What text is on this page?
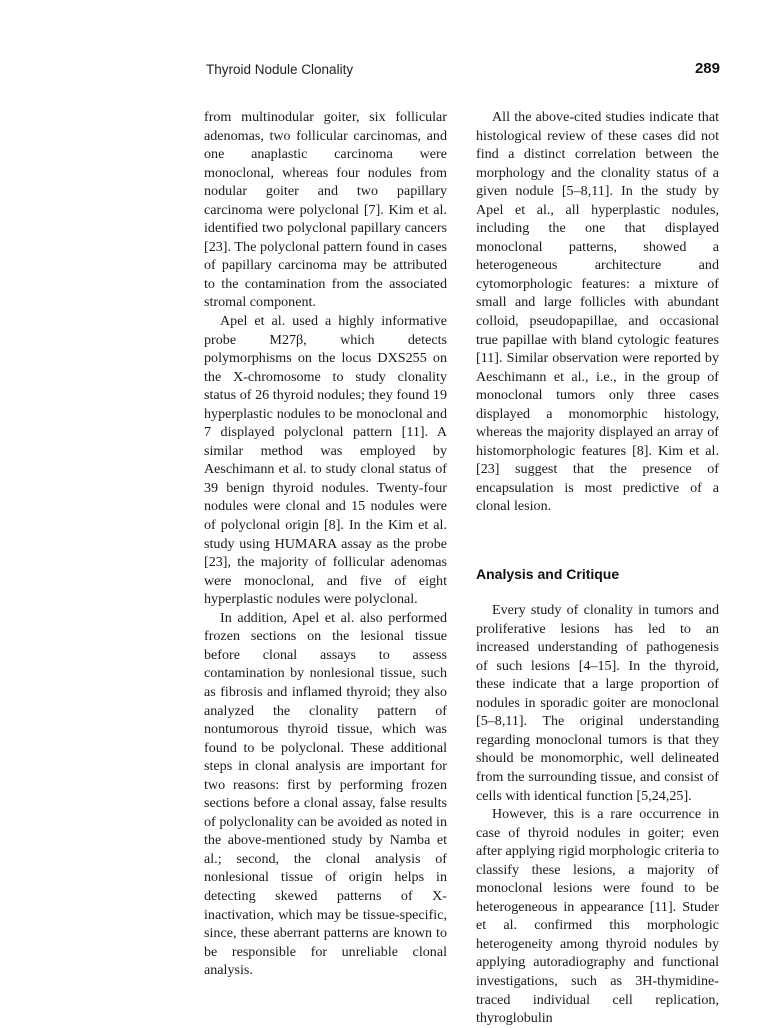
Thyroid Nodule Clonality	289

from multinodular goiter, six follicular adenomas, two follicular carcinomas, and one anaplastic carcinoma were monoclonal, whereas four nodules from nodular goiter and two papillary carcinoma were polyclonal [7]. Kim et al. identified two polyclonal papillary cancers [23]. The polyclonal pattern found in cases of papillary carcinoma may be attributed to the contamination from the associated stromal component.

Apel et al. used a highly informative probe M27β, which detects polymorphisms on the locus DXS255 on the X-chromosome to study clonality status of 26 thyroid nodules; they found 19 hyperplastic nodules to be monoclonal and 7 displayed polyclonal pattern [11]. A similar method was employed by Aeschimann et al. to study clonal status of 39 benign thyroid nodules. Twenty-four nodules were clonal and 15 nodules were of polyclonal origin [8]. In the Kim et al. study using HUMARA assay as the probe [23], the majority of follicular adenomas were monoclonal, and five of eight hyperplastic nodules were polyclonal.

In addition, Apel et al. also performed frozen sections on the lesional tissue before clonal assays to assess contamination by nonlesional tissue, such as fibrosis and inflamed thyroid; they also analyzed the clonality pattern of nontumorous thyroid tissue, which was found to be polyclonal. These additional steps in clonal analysis are important for two reasons: first by performing frozen sections before a clonal assay, false results of polyclonality can be avoided as noted in the above-mentioned study by Namba et al.; second, the clonal analysis of nonlesional tissue of origin helps in detecting skewed patterns of X-inactivation, which may be tissue-specific, since, these aberrant patterns are known to be responsible for unreliable clonal analysis.

All the above-cited studies indicate that histological review of these cases did not find a distinct correlation between the morphology and the clonality status of a given nodule [5–8,11]. In the study by Apel et al., all hyperplastic nodules, including the one that displayed monoclonal patterns, showed a heterogeneous architecture and cytomorphologic features: a mixture of small and large follicles with abundant colloid, pseudopapillae, and occasional true papillae with bland cytologic features [11]. Similar observation were reported by Aeschimann et al., i.e., in the group of monoclonal tumors only three cases displayed a monomorphic histology, whereas the majority displayed an array of histomorphologic features [8]. Kim et al. [23] suggest that the presence of encapsulation is most predictive of a clonal lesion.

Analysis and Critique

Every study of clonality in tumors and proliferative lesions has led to an increased understanding of pathogenesis of such lesions [4–15]. In the thyroid, these indicate that a large proportion of nodules in sporadic goiter are monoclonal [5–8,11]. The original understanding regarding monoclonal tumors is that they should be monomorphic, well delineated from the surrounding tissue, and consist of cells with identical function [5,24,25].

However, this is a rare occurrence in case of thyroid nodules in goiter; even after applying rigid morphologic criteria to classify these lesions, a majority of monoclonal lesions were found to be heterogeneous in appearance [11]. Studer et al. confirmed this morphologic heterogeneity among thyroid nodules by applying autoradiography and functional investigations, such as 3H-thymidine-traced individual cell replication, thyroglobulin
